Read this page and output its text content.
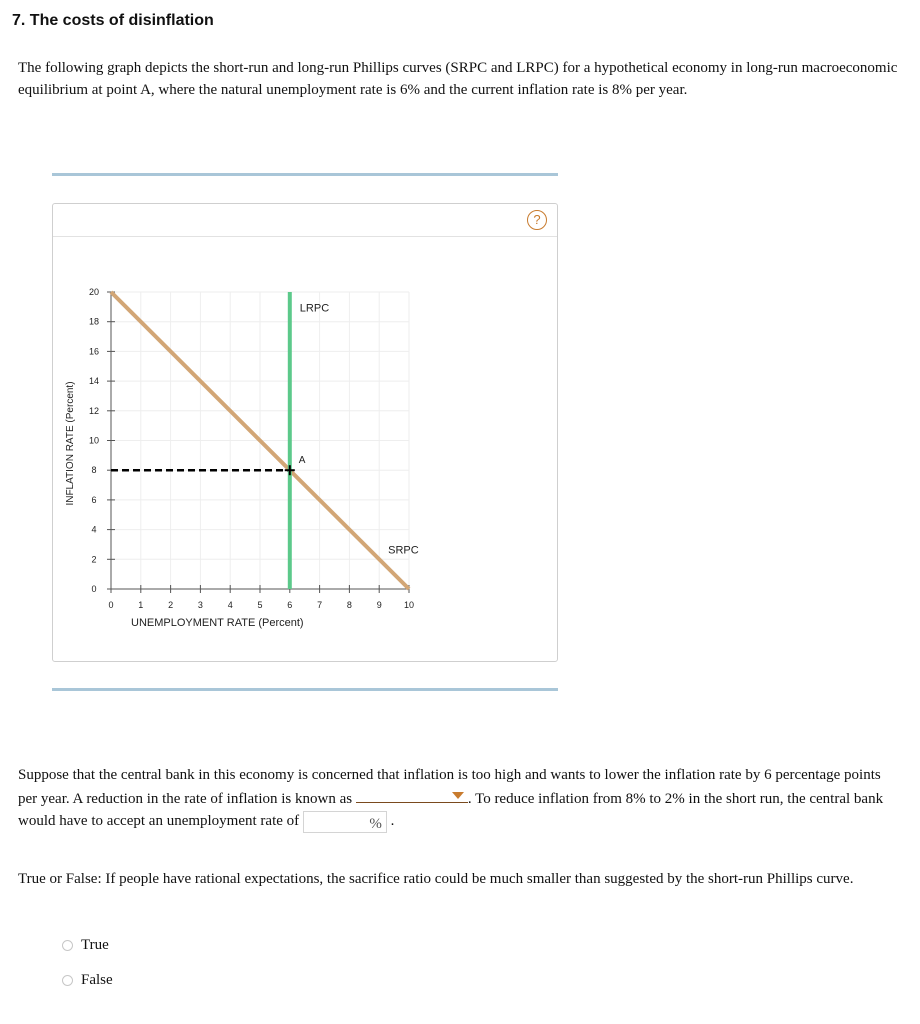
7. The costs of disinflation

The following graph depicts the short-run and long-run Phillips curves (SRPC and LRPC) for a hypothetical economy in long-run macroeconomic equilibrium at point A, where the natural unemployment rate is 6% and the current inflation rate is 8% per year.

?
0	1	2	3	4	5	6	7	8	9 10
0
2
4
6
8
10
12
14
16
18
20
UNEMPLOYMENT RATE (Percent)
INFLATION RATE (Percent)
LRPC
SRPC
A

Suppose that the central bank in this economy is concerned that inflation is too high and wants to lower the inflation rate by 6 percentage points per year. A reduction in the rate of inflation is known as	. To reduce inflation from 8% to 2% in the short run, the central bank would have to accept an unemployment rate of	% .

True or False: If people have rational expectations, the sacrifice ratio could be much smaller than suggested by the short-run Phillips curve.

True
False
